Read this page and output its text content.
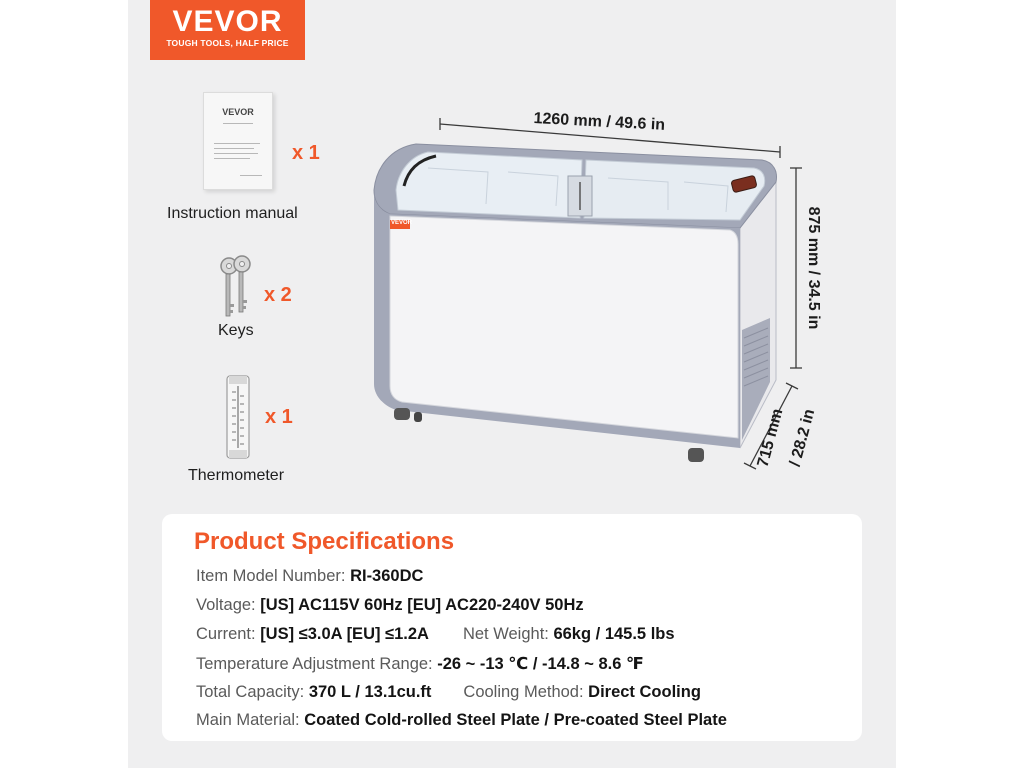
VEVOR
TOUGH TOOLS, HALF PRICE
VEVOR
x 1
Instruction manual
x 2
Keys
x 1
Thermometer
VEVOR
1260 mm / 49.6 in
875 mm / 34.5 in
715 mm / 28.2 in
Product Specifications
Item Model Number: RI-360DC
Voltage: [US] AC115V 60Hz [EU] AC220-240V 50Hz
Current: [US] ≤3.0A [EU] ≤1.2A Net Weight: 66kg / 145.5 lbs
Temperature Adjustment Range: -26 ~ -13 ℃ / -14.8 ~ 8.6 ℉
Total Capacity: 370 L / 13.1cu.ft Cooling Method: Direct Cooling
Main Material: Coated Cold-rolled Steel Plate / Pre-coated Steel Plate
